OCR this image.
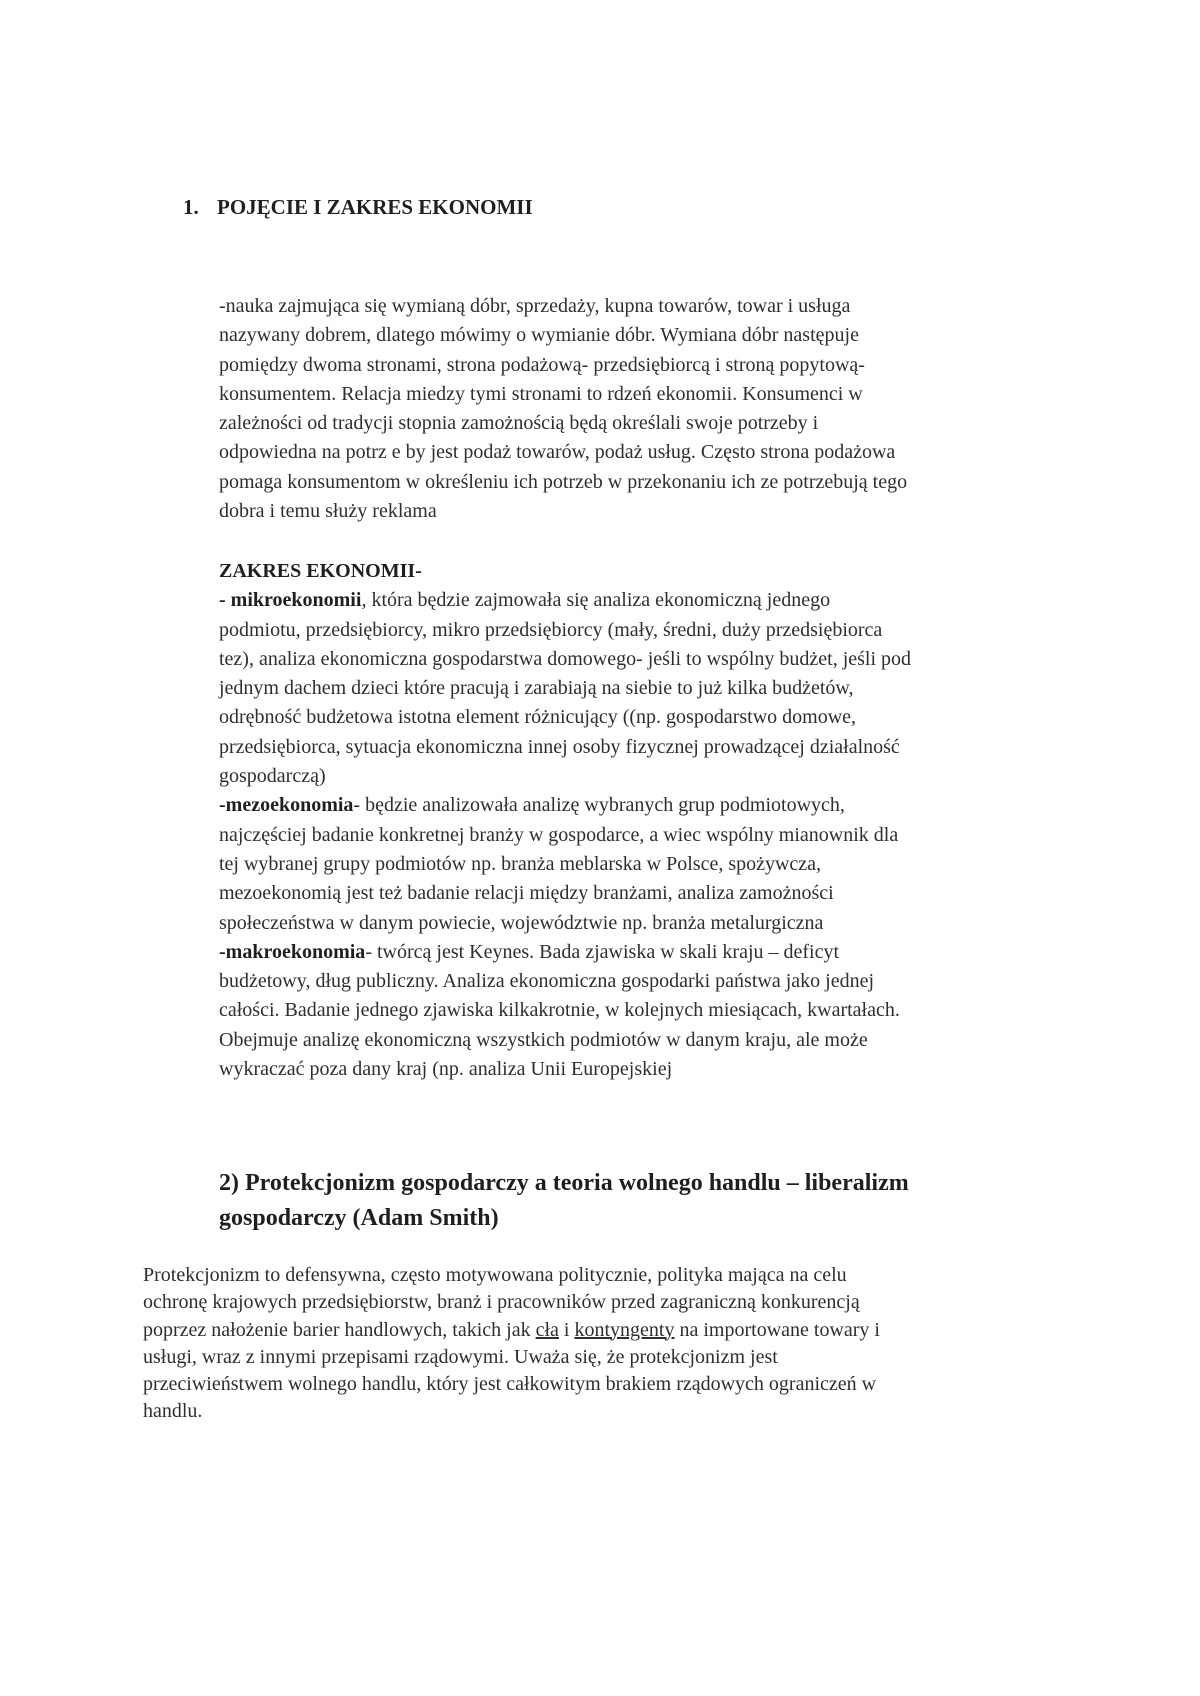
1. POJĘCIE I ZAKRES EKONOMII
-nauka zajmująca się wymianą dóbr, sprzedaży, kupna towarów, towar i usługa
nazywany dobrem, dlatego mówimy o wymianie dóbr. Wymiana dóbr następuje
pomiędzy dwoma stronami, strona podażową- przedsiębiorcą i stroną popytową-
konsumentem. Relacja miedzy tymi stronami to rdzeń ekonomii. Konsumenci w
zależności od tradycji stopnia zamożnością będą określali swoje potrzeby i
odpowiedna na potrz e by jest podaż towarów, podaż usług. Często strona podażowa
pomaga konsumentom w określeniu ich potrzeb w przekonaniu ich ze potrzebują tego
dobra i temu służy reklama
ZAKRES EKONOMII-
- mikroekonomii, która będzie zajmowała się analiza ekonomiczną jednego
podmiotu, przedsiębiorcy, mikro przedsiębiorcy (mały, średni, duży przedsiębiorca
tez), analiza ekonomiczna gospodarstwa domowego- jeśli to wspólny budżet, jeśli pod
jednym dachem dzieci które pracują i zarabiają na siebie to już kilka budżetów,
odrębność budżetowa istotna element różnicujący ((np. gospodarstwo domowe,
przedsiębiorca, sytuacja ekonomiczna innej osoby fizycznej prowadzącej działalność
gospodarczą)
-mezoekonomia- będzie analizowała analizę wybranych grup podmiotowych,
najczęściej badanie konkretnej branży w gospodarce, a wiec wspólny mianownik dla
tej wybranej grupy podmiotów np. branża meblarska w Polsce, spożywcza,
mezoekonomią jest też badanie relacji między branżami, analiza zamożności
społeczeństwa w danym powiecie, województwie np. branża metalurgiczna
-makroekonomia- twórcą jest Keynes. Bada zjawiska w skali kraju – deficyt
budżetowy, dług publiczny. Analiza ekonomiczna gospodarki państwa jako jednej
całości. Badanie jednego zjawiska kilkakrotnie, w kolejnych miesiącach, kwartałach.
Obejmuje analizę ekonomiczną wszystkich podmiotów w danym kraju, ale może
wykraczać poza dany kraj (np. analiza Unii Europejskiej
2) Protekcjonizm gospodarczy a teoria wolnego handlu – liberalizm
gospodarczy (Adam Smith)
Protekcjonizm to defensywna, często motywowana politycznie, polityka mająca na celu
ochronę krajowych przedsiębiorstw, branż i pracowników przed zagraniczną konkurencją
poprzez nałożenie barier handlowych, takich jak cła i kontyngenty na importowane towary i
usługi, wraz z innymi przepisami rządowymi. Uważa się, że protekcjonizm jest
przeciwieństwem wolnego handlu, który jest całkowitym brakiem rządowych ograniczeń w
handlu.
